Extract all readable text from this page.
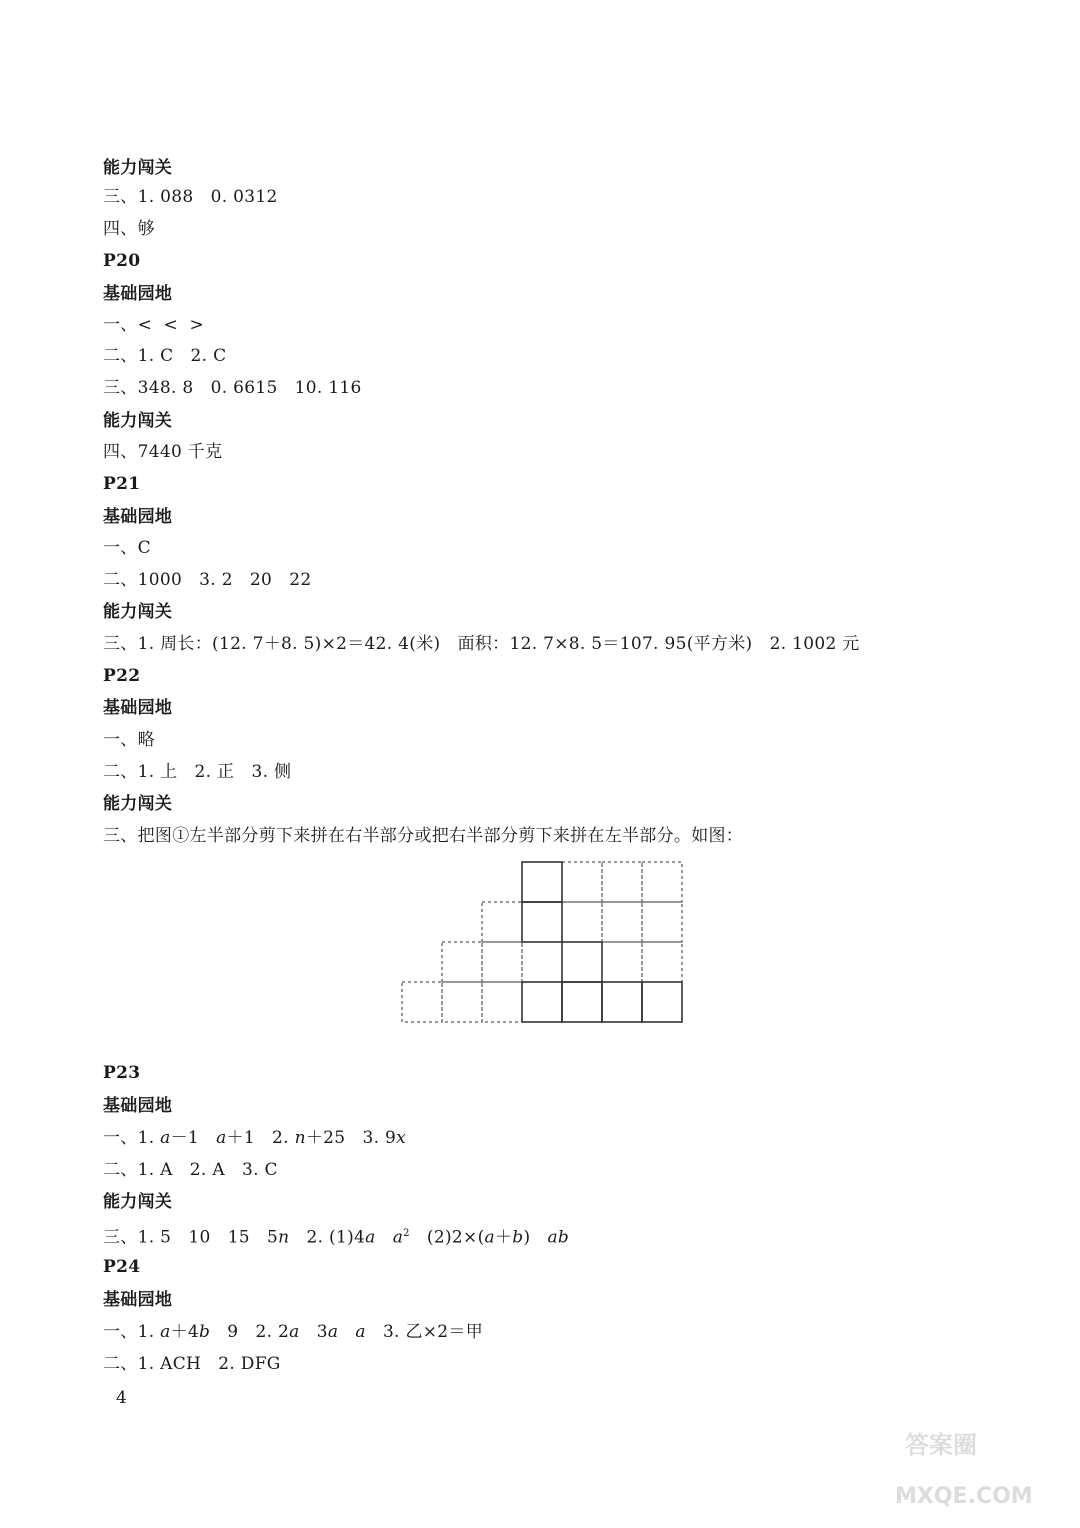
能力闯关
三、1. 088   0. 0312
四、够
P20
基础园地
一、<  <  >
二、1. C   2. C
三、348. 8   0. 6615   10. 116
能力闯关
四、7440 千克
P21
基础园地
一、C
二、1000   3. 2   20   22
能力闯关
三、1. 周长：(12. 7＋8. 5)×2＝42. 4(米)   面积：12. 7×8. 5＝107. 95(平方米)   2. 1002 元
P22
基础园地
一、略
二、1. 上   2. 正   3. 侧
能力闯关
三、把图①左半部分剪下来拼在右半部分或把右半部分剪下来拼在左半部分。如图：
P23
基础园地
一、1. a－1   a＋1   2. n＋25   3. 9x
二、1. A   2. A   3. C
能力闯关
三、1. 5   10   15   5n   2. (1)4a $a^2$   (2)2×(a＋b)   ab
P24
基础园地
一、1. a＋4b   9   2. 2a   3a a   3. 乙×2＝甲
二、1. ACH   2. DFG
4
答案圈
MXQE.COM
